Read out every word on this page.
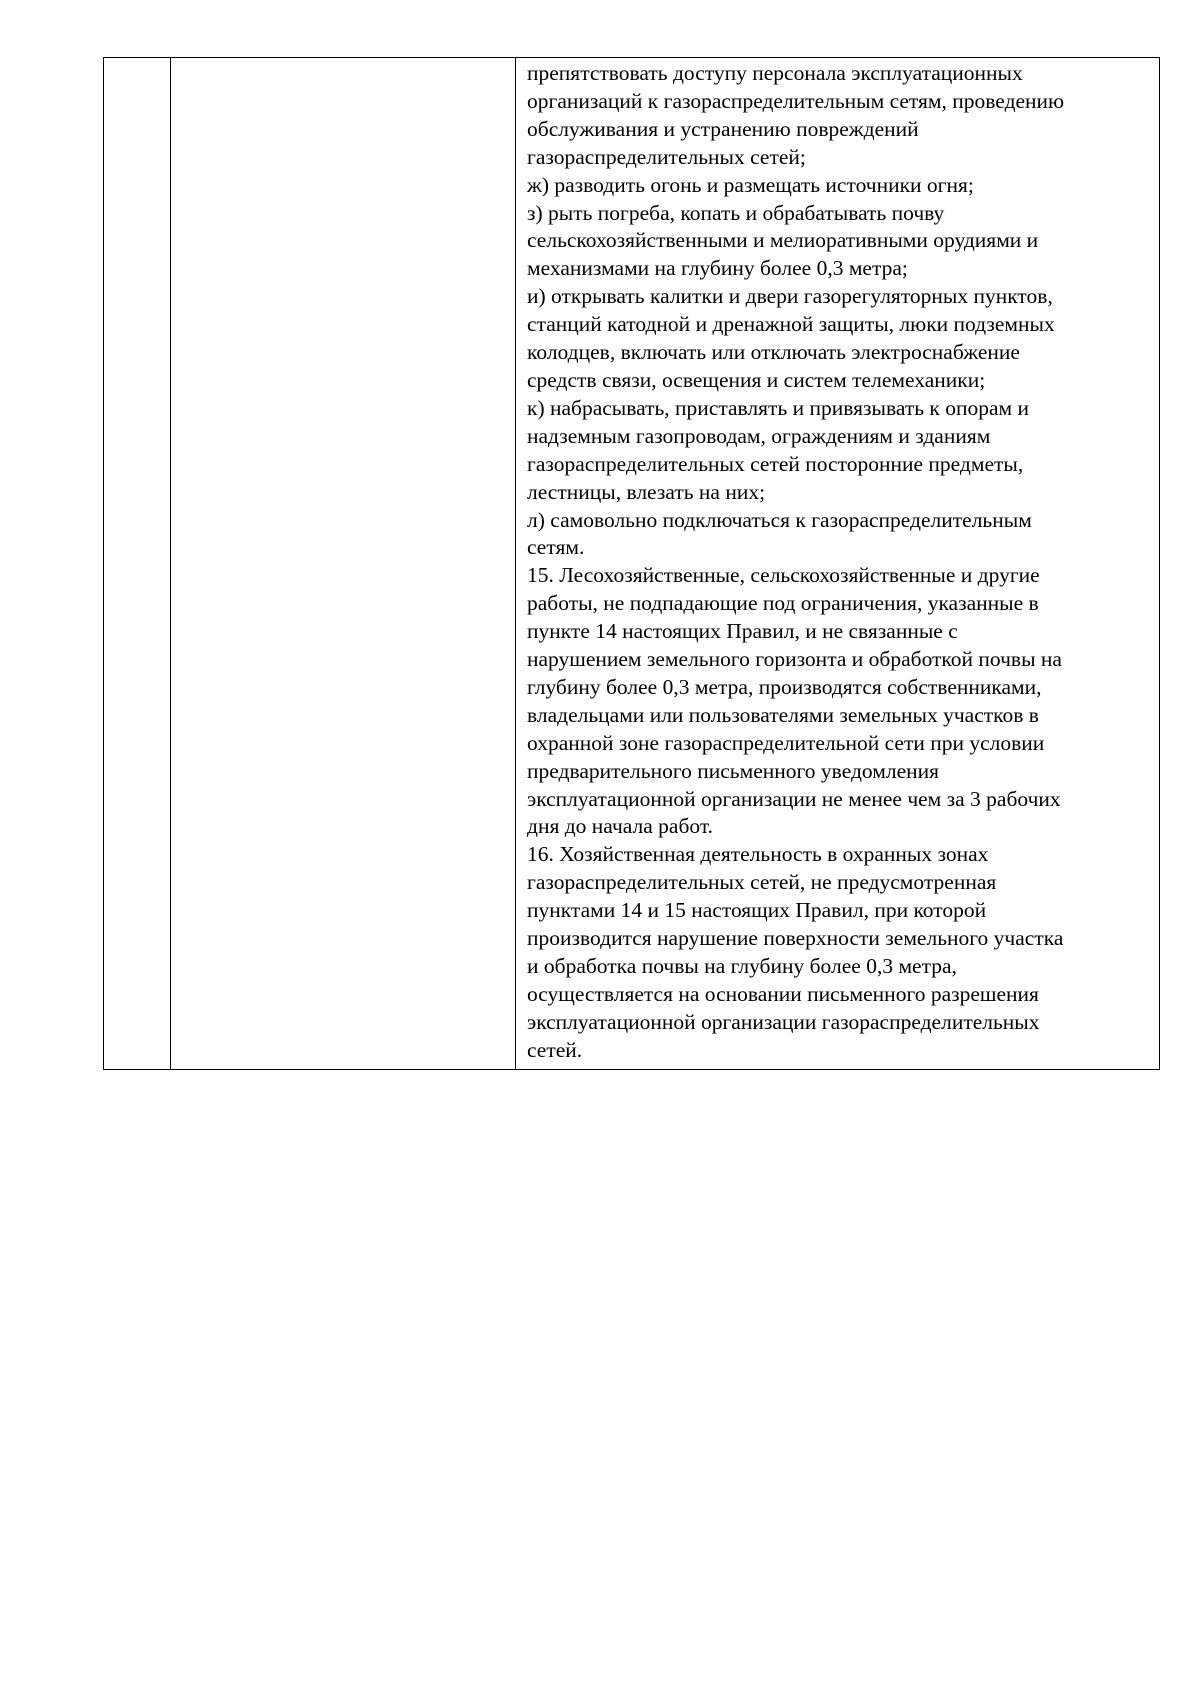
препятствовать доступу персонала эксплуатационных
организаций к газораспределительным сетям, проведению
обслуживания и устранению повреждений
газораспределительных сетей;
ж) разводить огонь и размещать источники огня;
з) рыть погреба, копать и обрабатывать почву
сельскохозяйственными и мелиоративными орудиями и
механизмами на глубину более 0,3 метра;
и) открывать калитки и двери газорегуляторных пунктов,
станций катодной и дренажной защиты, люки подземных
колодцев, включать или отключать электроснабжение
средств связи, освещения и систем телемеханики;
к) набрасывать, приставлять и привязывать к опорам и
надземным газопроводам, ограждениям и зданиям
газораспределительных сетей посторонние предметы,
лестницы, влезать на них;
л) самовольно подключаться к газораспределительным
сетям.
15. Лесохозяйственные, сельскохозяйственные и другие
работы, не подпадающие под ограничения, указанные в
пункте 14 настоящих Правил, и не связанные с
нарушением земельного горизонта и обработкой почвы на
глубину более 0,3 метра, производятся собственниками,
владельцами или пользователями земельных участков в
охранной зоне газораспределительной сети при условии
предварительного письменного уведомления
эксплуатационной организации не менее чем за 3 рабочих
дня до начала работ.
16. Хозяйственная деятельность в охранных зонах
газораспределительных сетей, не предусмотренная
пунктами 14 и 15 настоящих Правил, при которой
производится нарушение поверхности земельного участка
и обработка почвы на глубину более 0,3 метра,
осуществляется на основании письменного разрешения
эксплуатационной организации газораспределительных
сетей.
